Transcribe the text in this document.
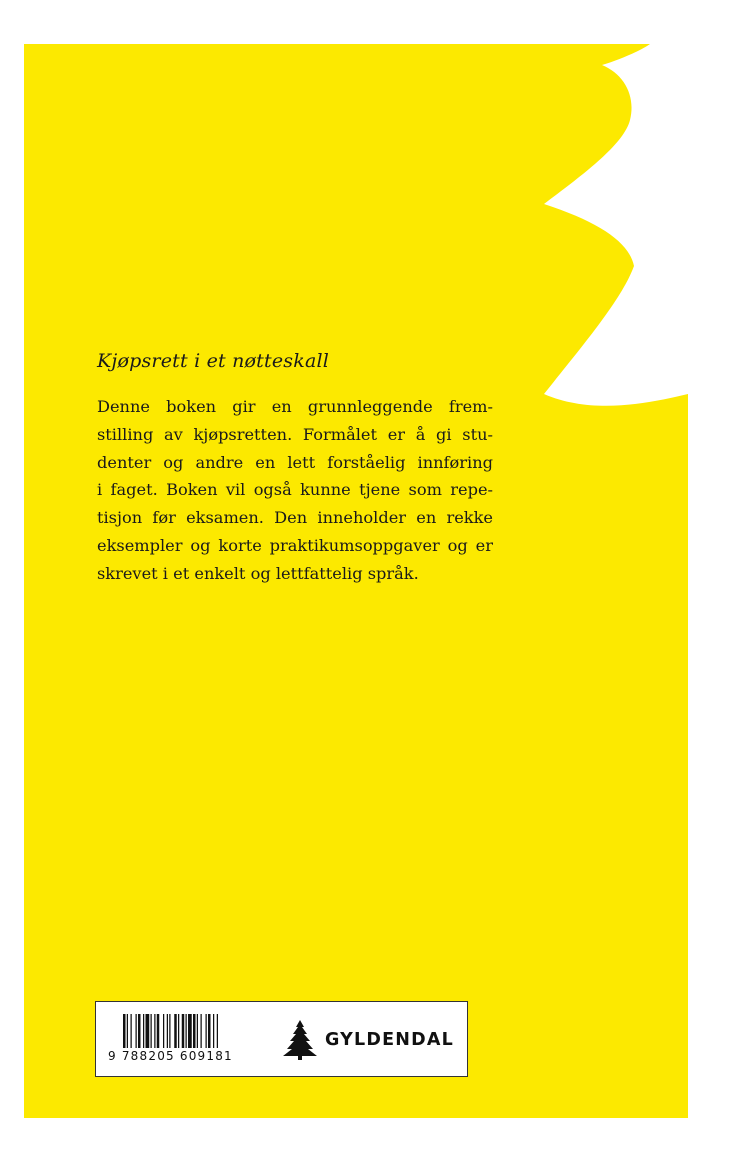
Kjøpsrett i et nøtteskall

Denne boken gir en grunnleggende frem-
stilling av kjøpsretten. Formålet er å gi stu-
denter og andre en lett forståelig innføring
i faget. Boken vil også kunne tjene som repe-
tisjon før eksamen. Den inneholder en rekke
eksempler og korte praktikumsoppgaver og er
skrevet i et enkelt og lettfattelig språk.

9 788205 609181
GYLDENDAL
